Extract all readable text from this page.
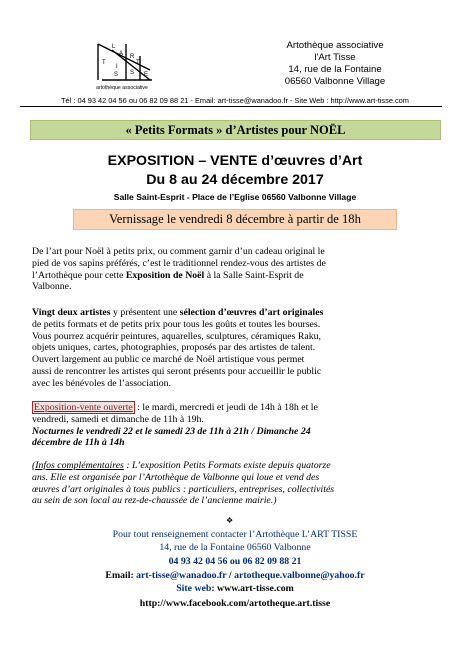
L
A R
T
T
I
S S E
artothèque associative
Artothèque associative
l'Art Tisse
14, rue de la Fontaine
06560 Valbonne Village
Tél : 04 93 42 04 56 ou 06 82 09 88 21 - Email: art-tisse@wanadoo.fr - Site Web : http://www.art-tisse.com
« Petits Formats » d’Artistes pour NOËL
EXPOSITION – VENTE d’œuvres d’Art
Du 8 au 24 décembre 2017
Salle Saint-Esprit - Place de l’Eglise 06560 Valbonne Village
Vernissage le vendredi 8 décembre à partir de 18h
De l’art pour Noël à petits prix, ou comment garnir d’un cadeau original le
pied de vos sapins préférés, c’est le traditionnel rendez-vous des artistes de
l’Artothèque pour cette Exposition de Noël à la Salle Saint-Esprit de
Valbonne.
Vingt deux artistes y présentent une sélection d’œuvres d’art originales
de petits formats et de petits prix pour tous les goûts et toutes les bourses.
Vous pourrez acquérir peintures, aquarelles, sculptures, céramiques Raku,
objets uniques, cartes, photographies, proposés par des artistes de talent.
Ouvert largement au public ce marché de Noël artistique vous permet
aussi de rencontrer les artistes qui seront présents pour accueillir le public
avec les bénévoles de l’association.
Exposition-vente ouverte : le mardi, mercredi et jeudi de 14h à 18h et le
vendredi, samedi et dimanche de 11h à 19h.
Nocturnes le vendredi 22 et le samedi 23 de 11h à 21h / Dimanche 24
décembre de 11h à 14h
(Infos complémentaires : L’exposition Petits Formats existe depuis quatorze
ans. Elle est organisée par l’Artothèque de Valbonne qui loue et vend des
œuvres d’art originales à tous publics : particuliers, entreprises, collectivités
au sein de son local au rez-de-chaussée de l’ancienne mairie.)
❖
Pour tout renseignement contacter l’Artothèque L’ART TISSE
14, rue de la Fontaine 06560 Valbonne
04 93 42 04 56 ou 06 82 09 88 21
Email: art-tisse@wanadoo.fr / artotheque.valbonne@yahoo.fr
Site web: www.art-tisse.com
http://www.facebook.com/artotheque.art.tisse
